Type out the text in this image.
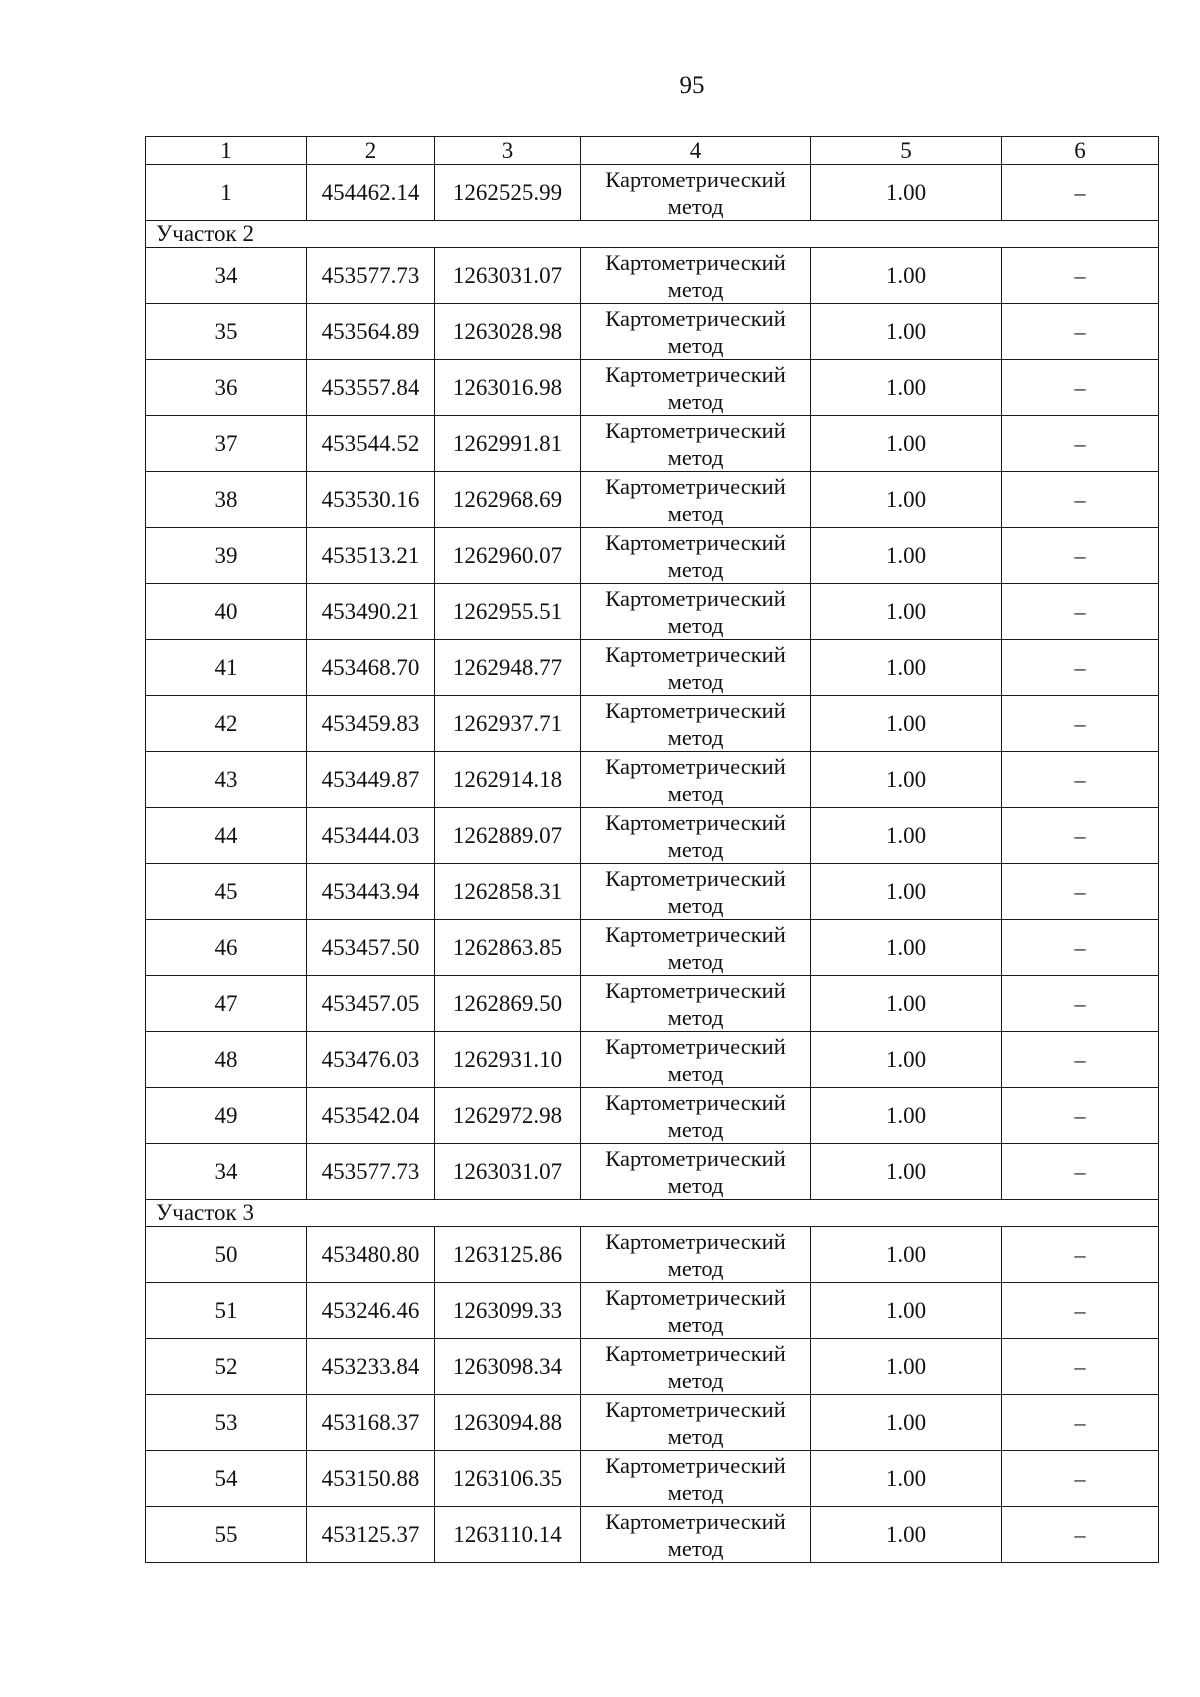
95
1	2	3	4	5	6
1	454462.14	1262525.99	Картометрический метод	1.00	–
Участок 2					
34	453577.73	1263031.07	Картометрический метод	1.00	–
35	453564.89	1263028.98	Картометрический метод	1.00	–
36	453557.84	1263016.98	Картометрический метод	1.00	–
37	453544.52	1262991.81	Картометрический метод	1.00	–
38	453530.16	1262968.69	Картометрический метод	1.00	–
39	453513.21	1262960.07	Картометрический метод	1.00	–
40	453490.21	1262955.51	Картометрический метод	1.00	–
41	453468.70	1262948.77	Картометрический метод	1.00	–
42	453459.83	1262937.71	Картометрический метод	1.00	–
43	453449.87	1262914.18	Картометрический метод	1.00	–
44	453444.03	1262889.07	Картометрический метод	1.00	–
45	453443.94	1262858.31	Картометрический метод	1.00	–
46	453457.50	1262863.85	Картометрический метод	1.00	–
47	453457.05	1262869.50	Картометрический метод	1.00	–
48	453476.03	1262931.10	Картометрический метод	1.00	–
49	453542.04	1262972.98	Картометрический метод	1.00	–
34	453577.73	1263031.07	Картометрический метод	1.00	–
Участок 3					
50	453480.80	1263125.86	Картометрический метод	1.00	–
51	453246.46	1263099.33	Картометрический метод	1.00	–
52	453233.84	1263098.34	Картометрический метод	1.00	–
53	453168.37	1263094.88	Картометрический метод	1.00	–
54	453150.88	1263106.35	Картометрический метод	1.00	–
55	453125.37	1263110.14	Картометрический метод	1.00	–
